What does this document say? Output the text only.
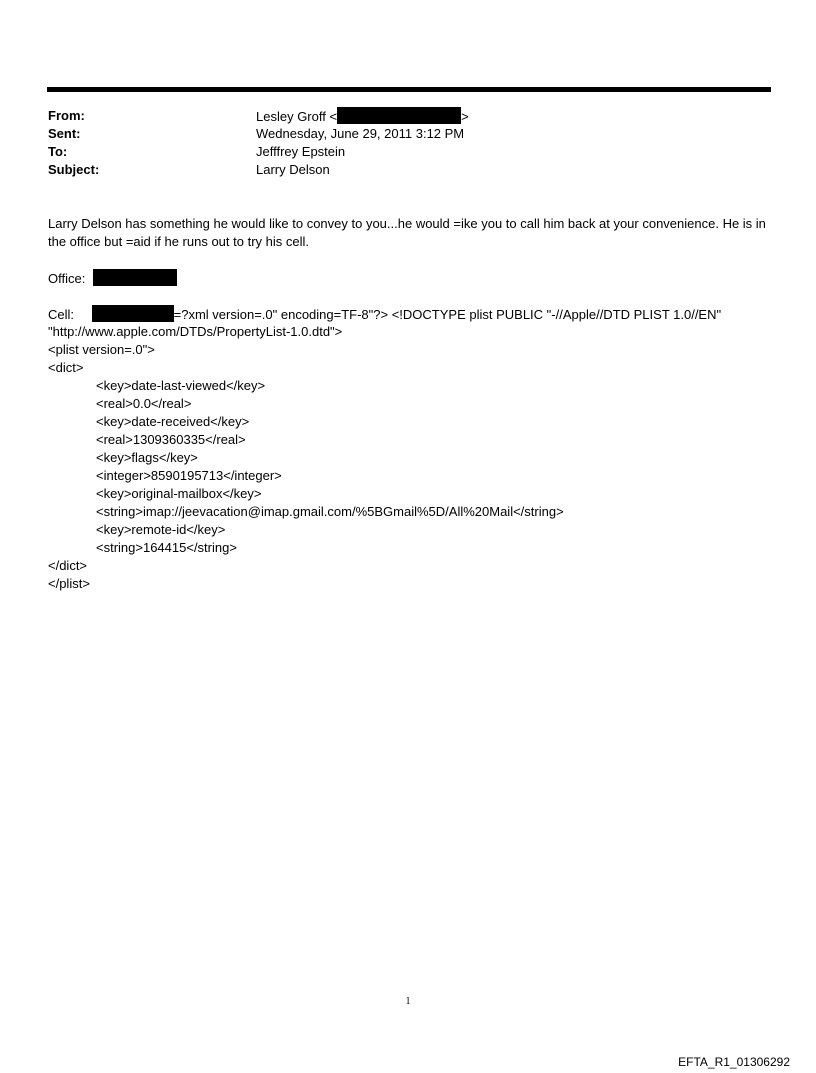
From:	Lesley Groff <	>
Sent:	Wednesday, June 29, 2011 3:12 PM
To:	Jefffrey Epstein
Subject:	Larry Delson
Larry Delson has something he would like to convey to you...he would =ike you to call him back at your convenience. He is in the office but =aid if he runs out to try his cell.
Office:
Cell:	=?xml version=.0" encoding=TF-8"?> <!DOCTYPE plist PUBLIC "-//Apple//DTD PLIST 1.0//EN"
"http://www.apple.com/DTDs/PropertyList-1.0.dtd">
<plist version=.0">
<dict>
<key>date-last-viewed</key>
<real>0.0</real>
<key>date-received</key>
<real>1309360335</real>
<key>flags</key>
<integer>8590195713</integer>
<key>original-mailbox</key>
<string>imap://jeevacation@imap.gmail.com/%5BGmail%5D/All%20Mail</string>
<key>remote-id</key>
<string>164415</string>
</dict>
</plist>
1
EFTA_R1_01306292
